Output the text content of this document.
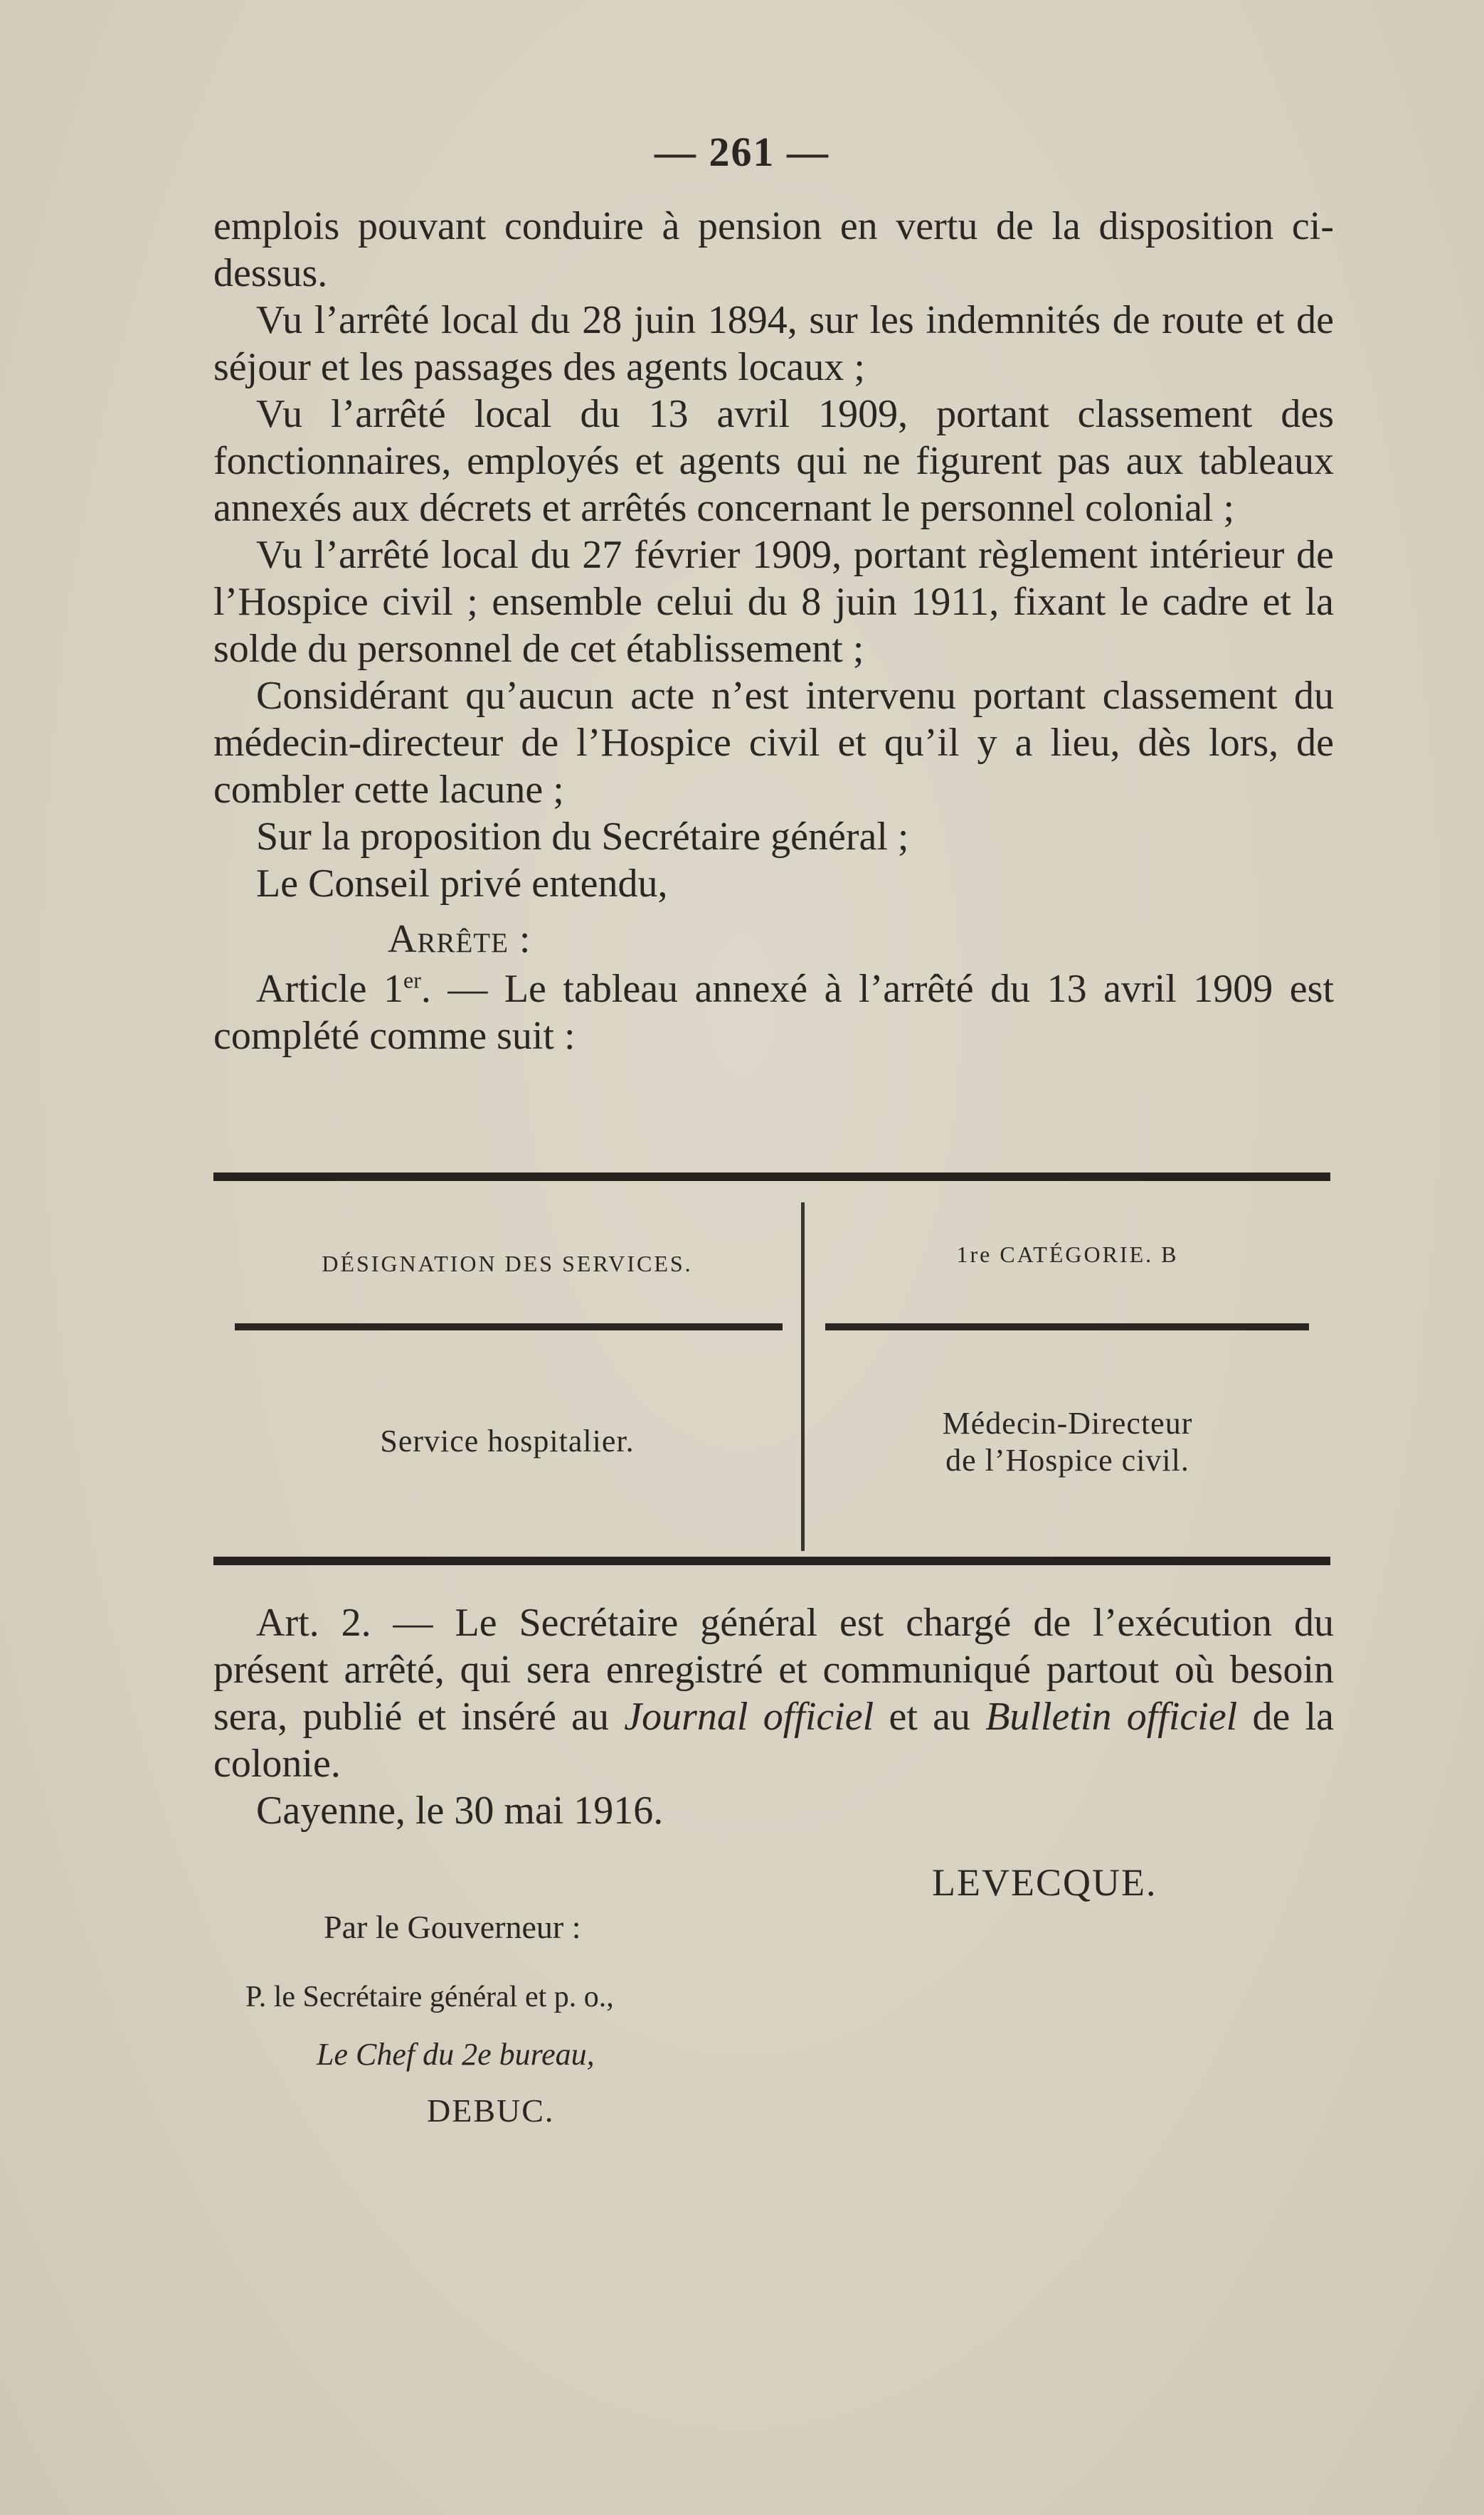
— 261 —

emplois pouvant conduire à pension en vertu de la disposition ci-dessus.

Vu l’arrêté local du 28 juin 1894, sur les indemnités de route et de séjour et les passages des agents locaux ;

Vu l’arrêté local du 13 avril 1909, portant classement des fonctionnaires, employés et agents qui ne figurent pas aux tableaux annexés aux décrets et arrêtés concernant le personnel colonial ;

Vu l’arrêté local du 27 février 1909, portant règlement intérieur de l’Hospice civil ; ensemble celui du 8 juin 1911, fixant le cadre et la solde du personnel de cet établissement ;

Considérant qu’aucun acte n’est intervenu portant classement du médecin-directeur de l’Hospice civil et qu’il y a lieu, dès lors, de combler cette lacune ;

Sur la proposition du Secrétaire général ;

Le Conseil privé entendu,

Arrête :

Article 1er. — Le tableau annexé à l’arrêté du 13 avril 1909 est complété comme suit :

DÉSIGNATION DES SERVICES.	1re CATÉGORIE. B
Service hospitalier.
Médecin-Directeur
de l’Hospice civil.

Art. 2. — Le Secrétaire général est chargé de l’exécution du présent arrêté, qui sera enregistré et communiqué partout où besoin sera, publié et inséré au Journal officiel et au Bulletin officiel de la colonie.

Cayenne, le 30 mai 1916.

LEVECQUE.
Par le Gouverneur :
P. le Secrétaire général et p. o.,
Le Chef du 2e bureau,
DEBUC.
